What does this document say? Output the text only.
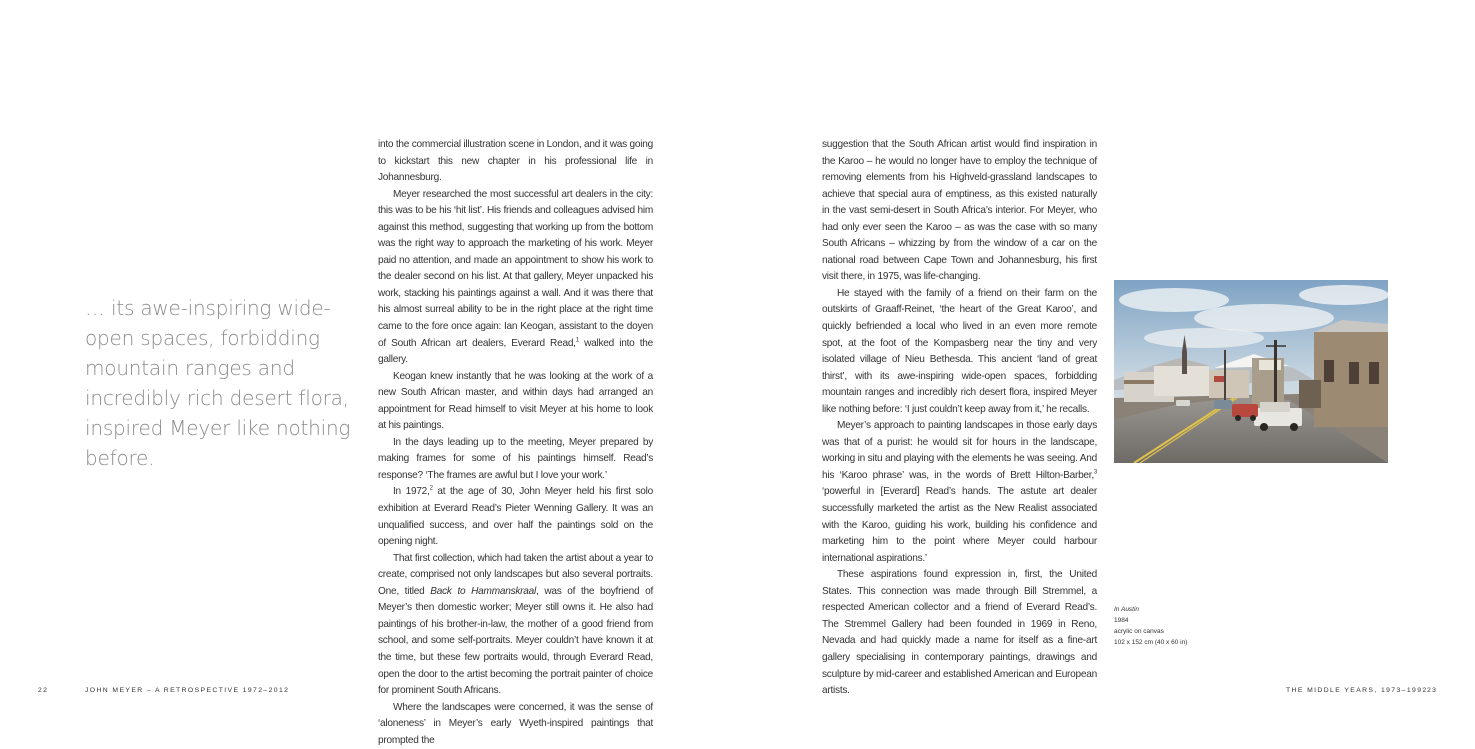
… its awe-inspiring wide-open spaces, forbidding mountain ranges and incredibly rich desert flora, inspired Meyer like nothing before.

into the commercial illustration scene in London, and it was going to kickstart this new chapter in his professional life in Johannesburg.

Meyer researched the most successful art dealers in the city: this was to be his ‘hit list’. His friends and colleagues advised him against this method, suggesting that working up from the bottom was the right way to approach the marketing of his work. Meyer paid no attention, and made an appointment to show his work to the dealer second on his list. At that gallery, Meyer unpacked his work, stacking his paintings against a wall. And it was there that his almost surreal ability to be in the right place at the right time came to the fore once again: Ian Keogan, assistant to the doyen of South African art dealers, Everard Read,$^1$ walked into the gallery.

Keogan knew instantly that he was looking at the work of a new South African master, and within days had arranged an appointment for Read himself to visit Meyer at his home to look at his paintings.

In the days leading up to the meeting, Meyer prepared by making frames for some of his paintings himself. Read’s response? ‘The frames are awful but I love your work.’

In 1972,$^2$ at the age of 30, John Meyer held his first solo exhibition at Everard Read’s Pieter Wenning Gallery. It was an unqualified success, and over half the paintings sold on the opening night.

That first collection, which had taken the artist about a year to create, comprised not only landscapes but also several portraits. One, titled Back to Hammanskraal, was of the boyfriend of Meyer’s then domestic worker; Meyer still owns it. He also had paintings of his brother-in-law, the mother of a good friend from school, and some self-portraits. Meyer couldn’t have known it at the time, but these few portraits would, through Everard Read, open the door to the artist becoming the portrait painter of choice for prominent South Africans.

Where the landscapes were concerned, it was the sense of ‘aloneness’ in Meyer’s early Wyeth-inspired paintings that prompted the

suggestion that the South African artist would find inspiration in the Karoo – he would no longer have to employ the technique of removing elements from his Highveld-grassland landscapes to achieve that special aura of emptiness, as this existed naturally in the vast semi-desert in South Africa’s interior. For Meyer, who had only ever seen the Karoo – as was the case with so many South Africans – whizzing by from the window of a car on the national road between Cape Town and Johannesburg, his first visit there, in 1975, was life-changing.

He stayed with the family of a friend on their farm on the outskirts of Graaff-Reinet, ‘the heart of the Great Karoo’, and quickly befriended a local who lived in an even more remote spot, at the foot of the Kompasberg near the tiny and very isolated village of Nieu Bethesda. This ancient ‘land of great thirst’, with its awe-inspiring wide-open spaces, forbidding mountain ranges and incredibly rich desert flora, inspired Meyer like nothing before: ‘I just couldn’t keep away from it,’ he recalls.

Meyer’s approach to painting landscapes in those early days was that of a purist: he would sit for hours in the landscape, working in situ and playing with the elements he was seeing. And his ‘Karoo phrase’ was, in the words of Brett Hilton-Barber,$^3$ ‘powerful in [Everard] Read’s hands. The astute art dealer successfully marketed the artist as the New Realist associated with the Karoo, guiding his work, building his confidence and marketing him to the point where Meyer could harbour international aspirations.’

These aspirations found expression in, first, the United States. This connection was made through Bill Stremmel, a respected American collector and a friend of Everard Read’s. The Stremmel Gallery had been founded in 1969 in Reno, Nevada and had quickly made a name for itself as a fine-art gallery specialising in contemporary paintings, drawings and sculpture by mid-career and established American and European artists.

In Austin
1984
acrylic on canvas
102 x 152 cm (40 x 60 in)
22	JOHN MEYER – A RETROSPECTIVE 1972–2012	THE MIDDLE YEARS, 1973–1992 23
